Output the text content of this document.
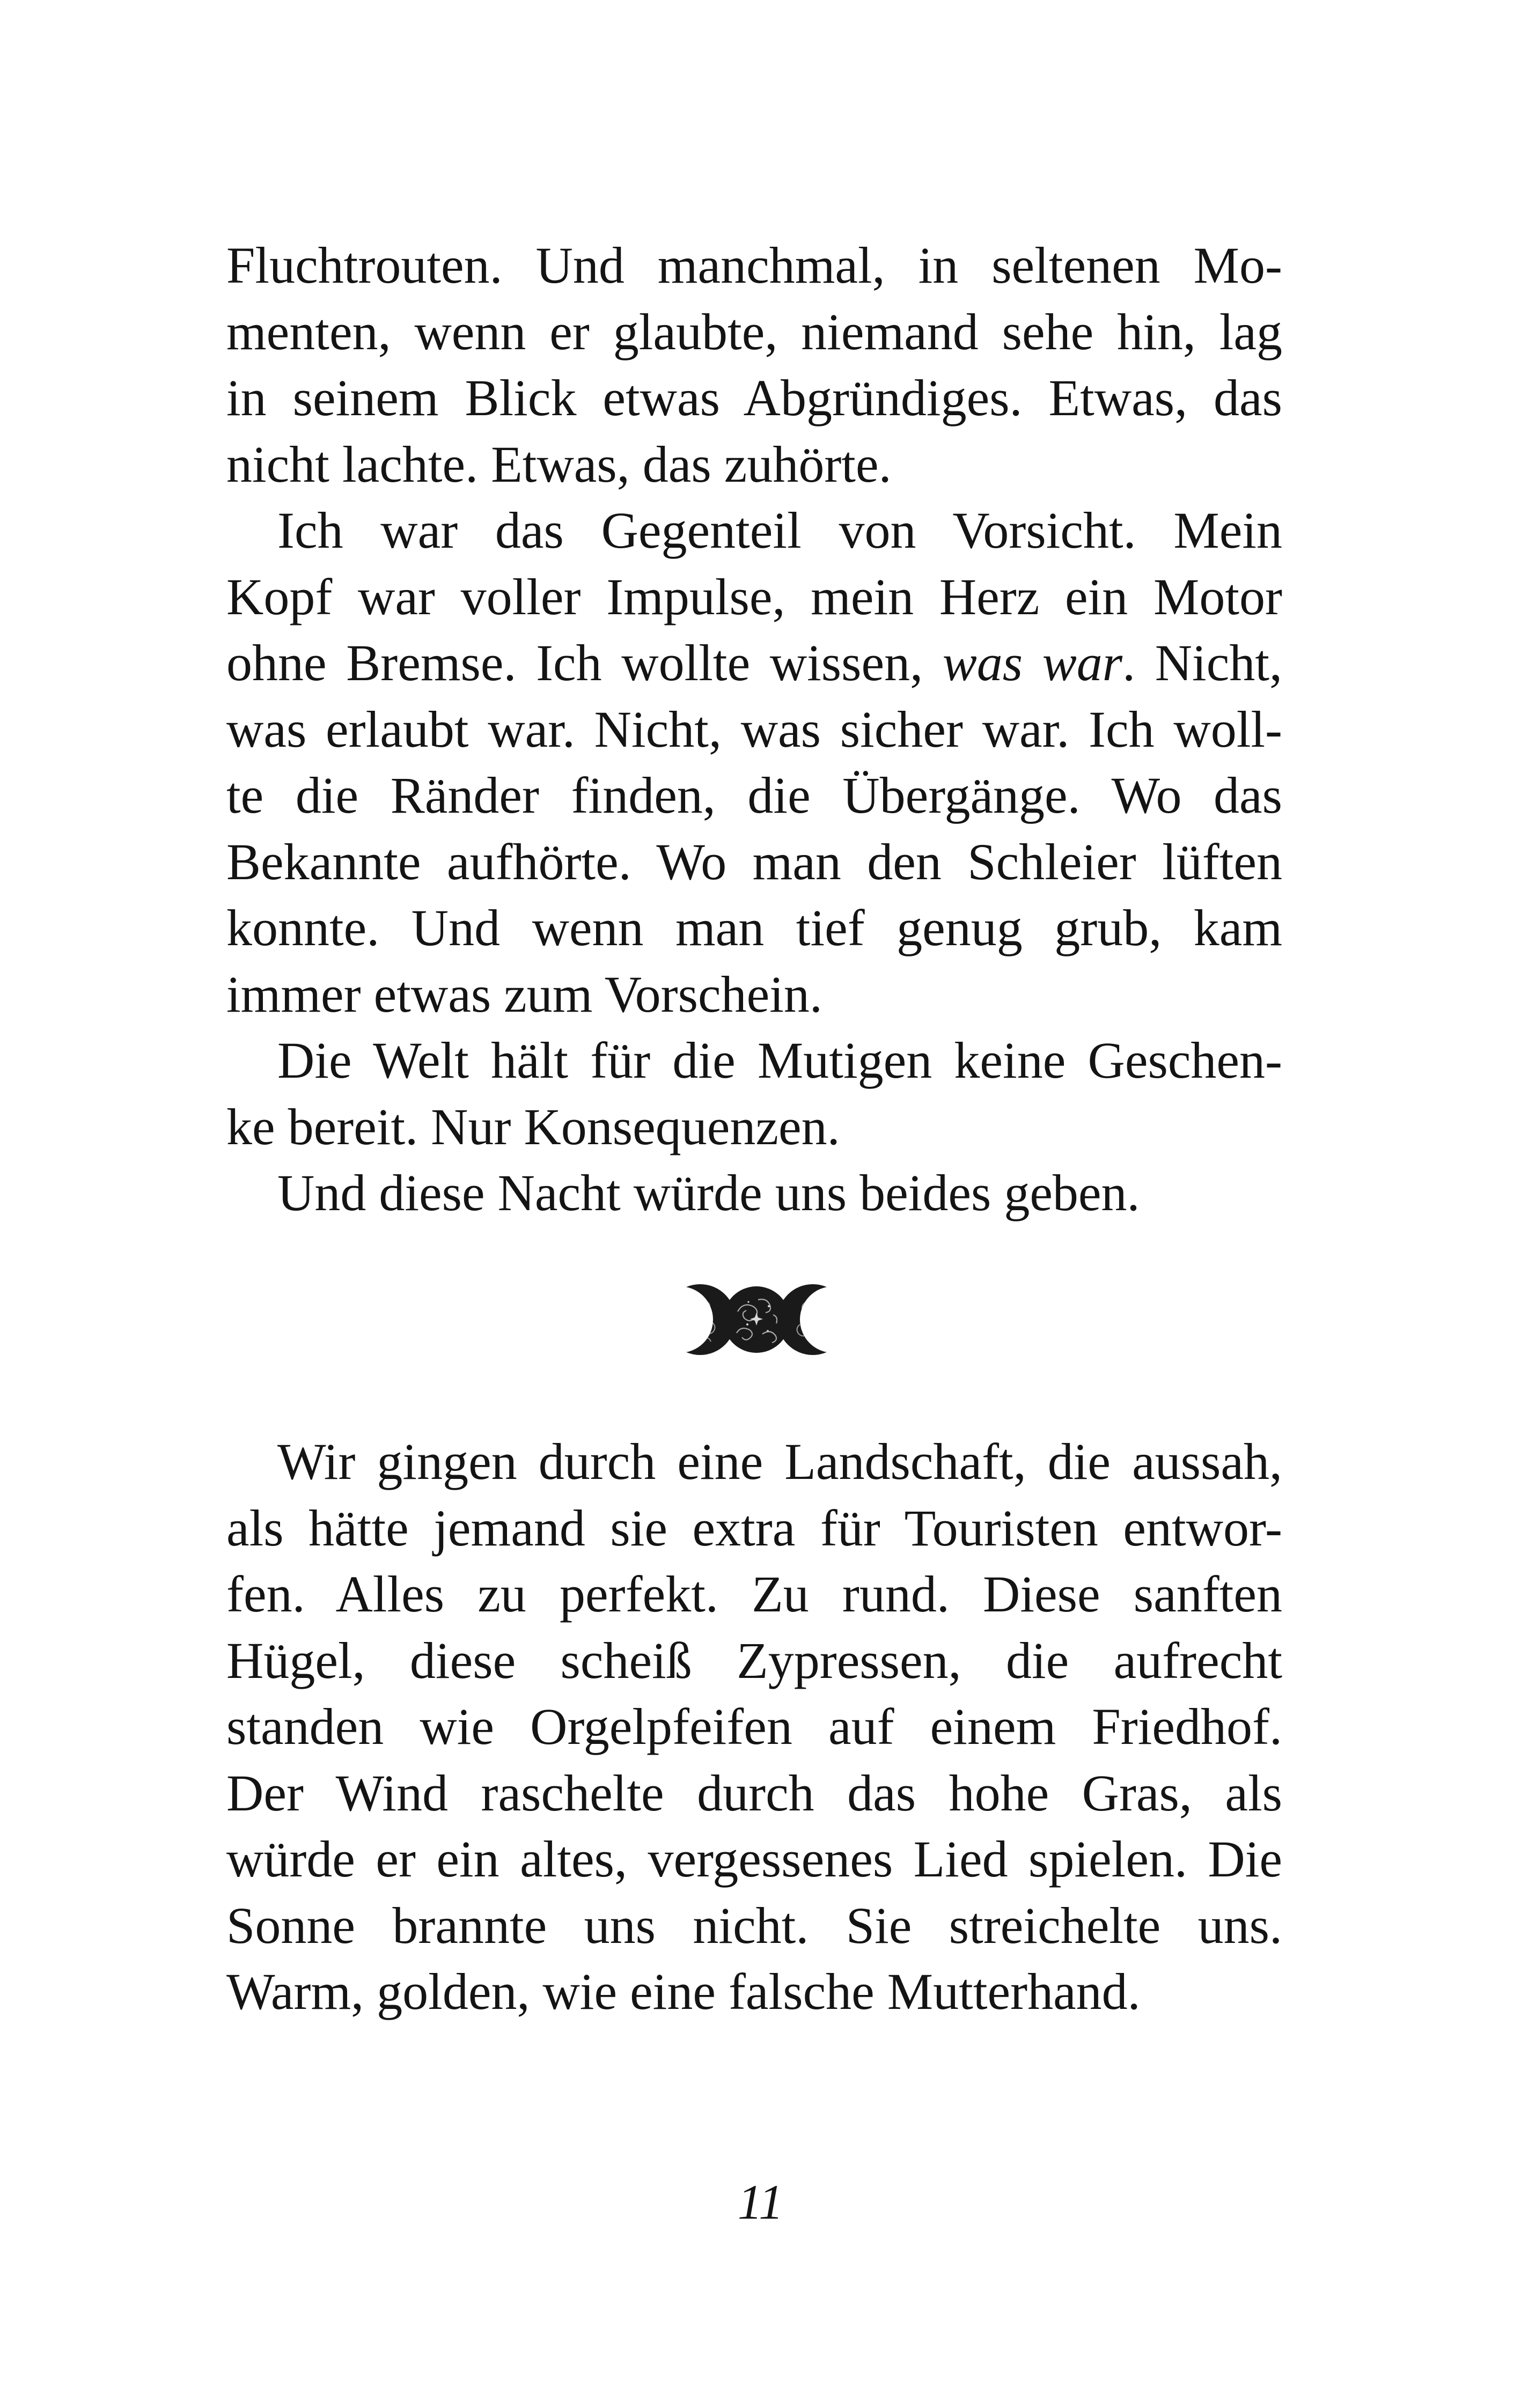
Fluchtrouten. Und manchmal, in seltenen Mo-
menten, wenn er glaubte, niemand sehe hin, lag
in seinem Blick etwas Abgründiges. Etwas, das
nicht lachte. Etwas, das zuhörte.

Ich war das Gegenteil von Vorsicht. Mein
Kopf war voller Impulse, mein Herz ein Motor
ohne Bremse. Ich wollte wissen, was war. Nicht,
was erlaubt war. Nicht, was sicher war. Ich woll-
te die Ränder finden, die Übergänge. Wo das
Bekannte aufhörte. Wo man den Schleier lüften
konnte. Und wenn man tief genug grub, kam
immer etwas zum Vorschein.

Die Welt hält für die Mutigen keine Geschen-
ke bereit. Nur Konsequenzen.

Und diese Nacht würde uns beides geben.

Wir gingen durch eine Landschaft, die aussah,
als hätte jemand sie extra für Touristen entwor-
fen. Alles zu perfekt. Zu rund. Diese sanften
Hügel, diese scheiß Zypressen, die aufrecht
standen wie Orgelpfeifen auf einem Friedhof.
Der Wind raschelte durch das hohe Gras, als
würde er ein altes, vergessenes Lied spielen. Die
Sonne brannte uns nicht. Sie streichelte uns.
Warm, golden, wie eine falsche Mutterhand.

11
